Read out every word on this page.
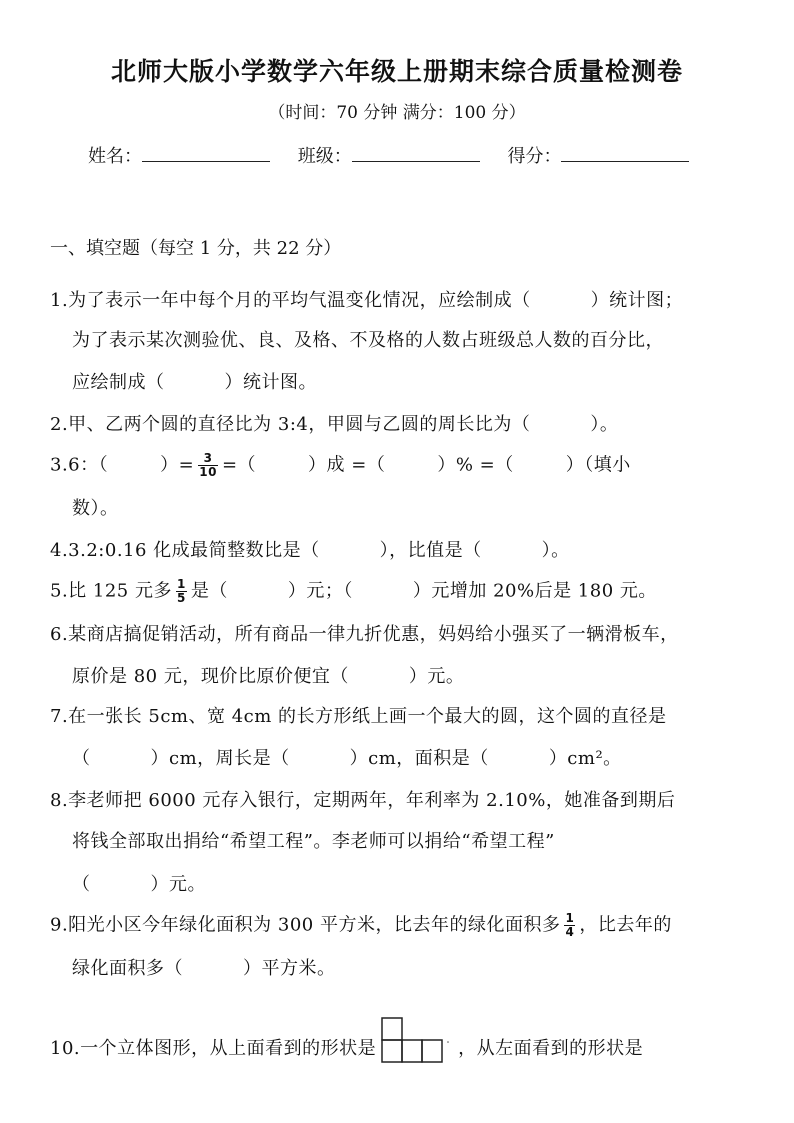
北师大版小学数学六年级上册期末综合质量检测卷
（时间：70 分钟 满分：100 分）
姓名：	班级：	得分：
一、填空题（每空 1 分，共 22 分）
1.为了表示一年中每个月的平均气温变化情况，应绘制成（	）统计图；
为了表示某次测验优、良、及格、不及格的人数占班级总人数的百分比，
应绘制成（	）统计图。
2.甲、乙两个圆的直径比为 3:4，甲圆与乙圆的周长比为（	）。
3.6：（	）= $\frac{3}{10}$ =（	）成 =（	）% =（	）（填小
数）。
4.3.2:0.16 化成最简整数比是（	），比值是（	）。
5.比 125 元多 $\frac{1}{5}$ 是（	）元；（	）元增加 20%后是 180 元。
6.某商店搞促销活动，所有商品一律九折优惠，妈妈给小强买了一辆滑板车，
原价是 80 元，现价比原价便宜（	）元。
7.在一张长 5cm、宽 4cm 的长方形纸上画一个最大的圆，这个圆的直径是
（	）cm，周长是（	）cm，面积是（	）cm²。
8.李老师把 6000 元存入银行，定期两年，年利率为 2.10%，她准备到期后
将钱全部取出捐给“希望工程”。李老师可以捐给“希望工程”
（	）元。
9.阳光小区今年绿化面积为 300 平方米，比去年的绿化面积多 $\frac{1}{4}$ ，比去年的
绿化面积多（	）平方米。
10.一个立体图形，从上面看到的形状是	，从左面看到的形状是
